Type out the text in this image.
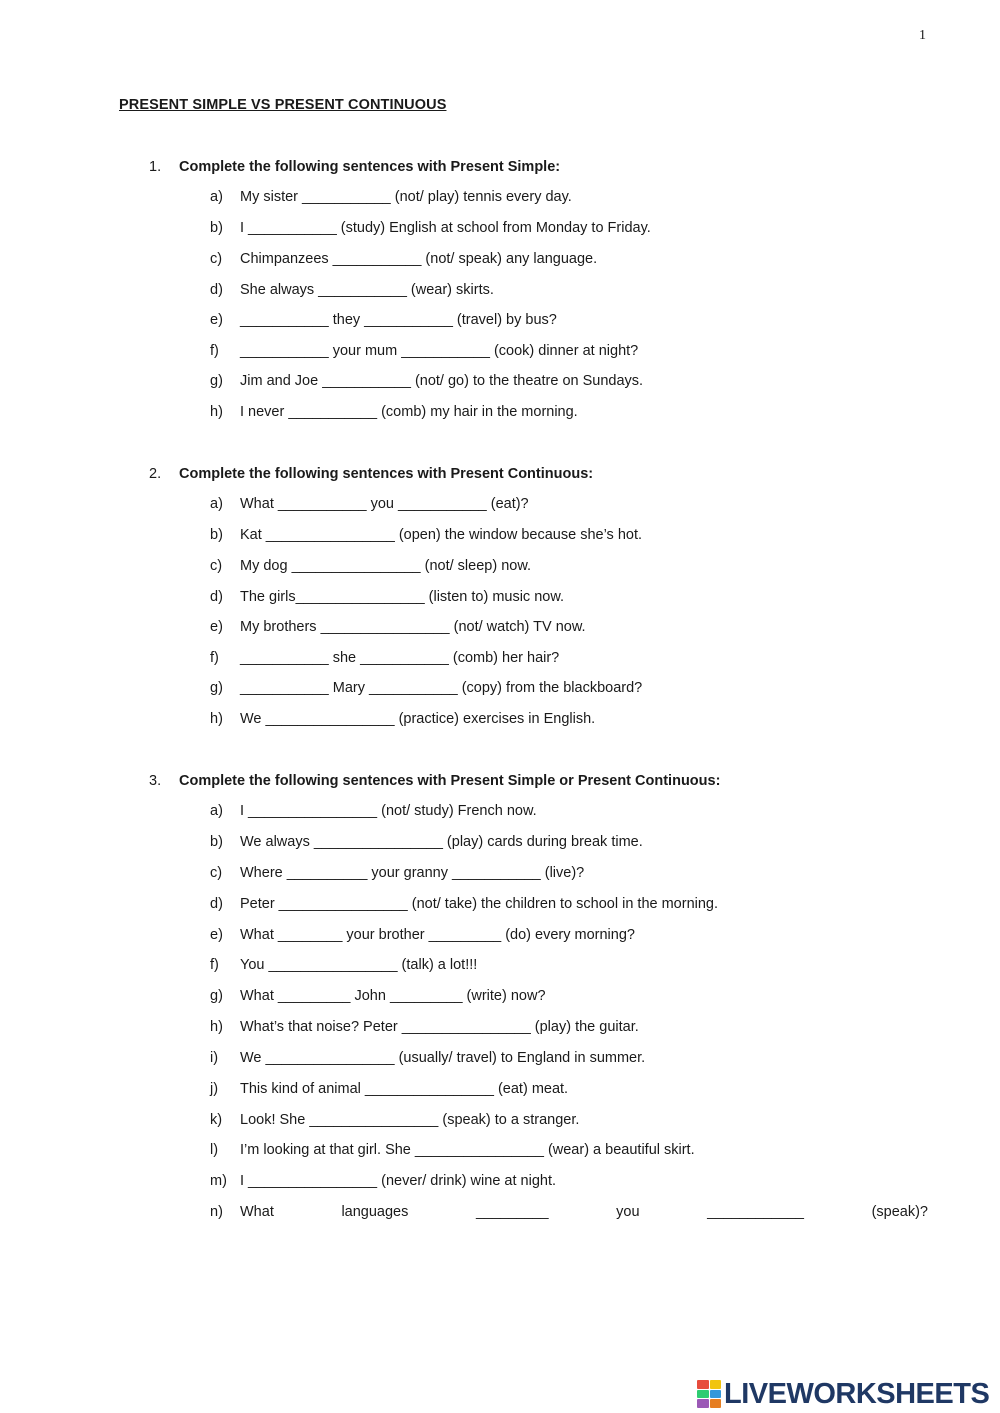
1
PRESENT SIMPLE VS PRESENT CONTINUOUS
1. Complete the following sentences with Present Simple:
a) My sister ___________ (not/ play) tennis every day.
b) I ___________ (study) English at school from Monday to Friday.
c) Chimpanzees ___________ (not/ speak) any language.
d) She always ___________ (wear) skirts.
e) ___________ they ___________ (travel) by bus?
f) ___________ your mum ___________ (cook) dinner at night?
g) Jim and Joe ___________ (not/ go) to the theatre on Sundays.
h) I never ___________ (comb) my hair in the morning.
2. Complete the following sentences with Present Continuous:
a) What ___________ you ___________ (eat)?
b) Kat ________________ (open) the window because she’s hot.
c) My dog ________________ (not/ sleep) now.
d) The girls________________ (listen to) music now.
e) My brothers ________________ (not/ watch) TV now.
f) ___________ she ___________ (comb) her hair?
g) ___________ Mary ___________ (copy) from the blackboard?
h) We ________________ (practice) exercises in English.
3. Complete the following sentences with Present Simple or Present Continuous:
a) I ________________ (not/ study) French now.
b) We always ________________ (play) cards during break time.
c) Where __________ your granny ___________ (live)?
d) Peter ________________ (not/ take) the children to school in the morning.
e) What ________ your brother _________ (do) every morning?
f) You ________________ (talk) a lot!!!
g) What _________ John _________ (write) now?
h) What’s that noise? Peter ________________ (play) the guitar.
i) We ________________ (usually/ travel) to England in summer.
j) This kind of animal ________________ (eat) meat.
k) Look! She ________________ (speak) to a stranger.
l) I’m looking at that girl. She ________________ (wear) a beautiful skirt.
m) I ________________ (never/ drink) wine at night.
n) What	languages	_________	you	____________	(speak)?
LIVEWORKSHEETS
